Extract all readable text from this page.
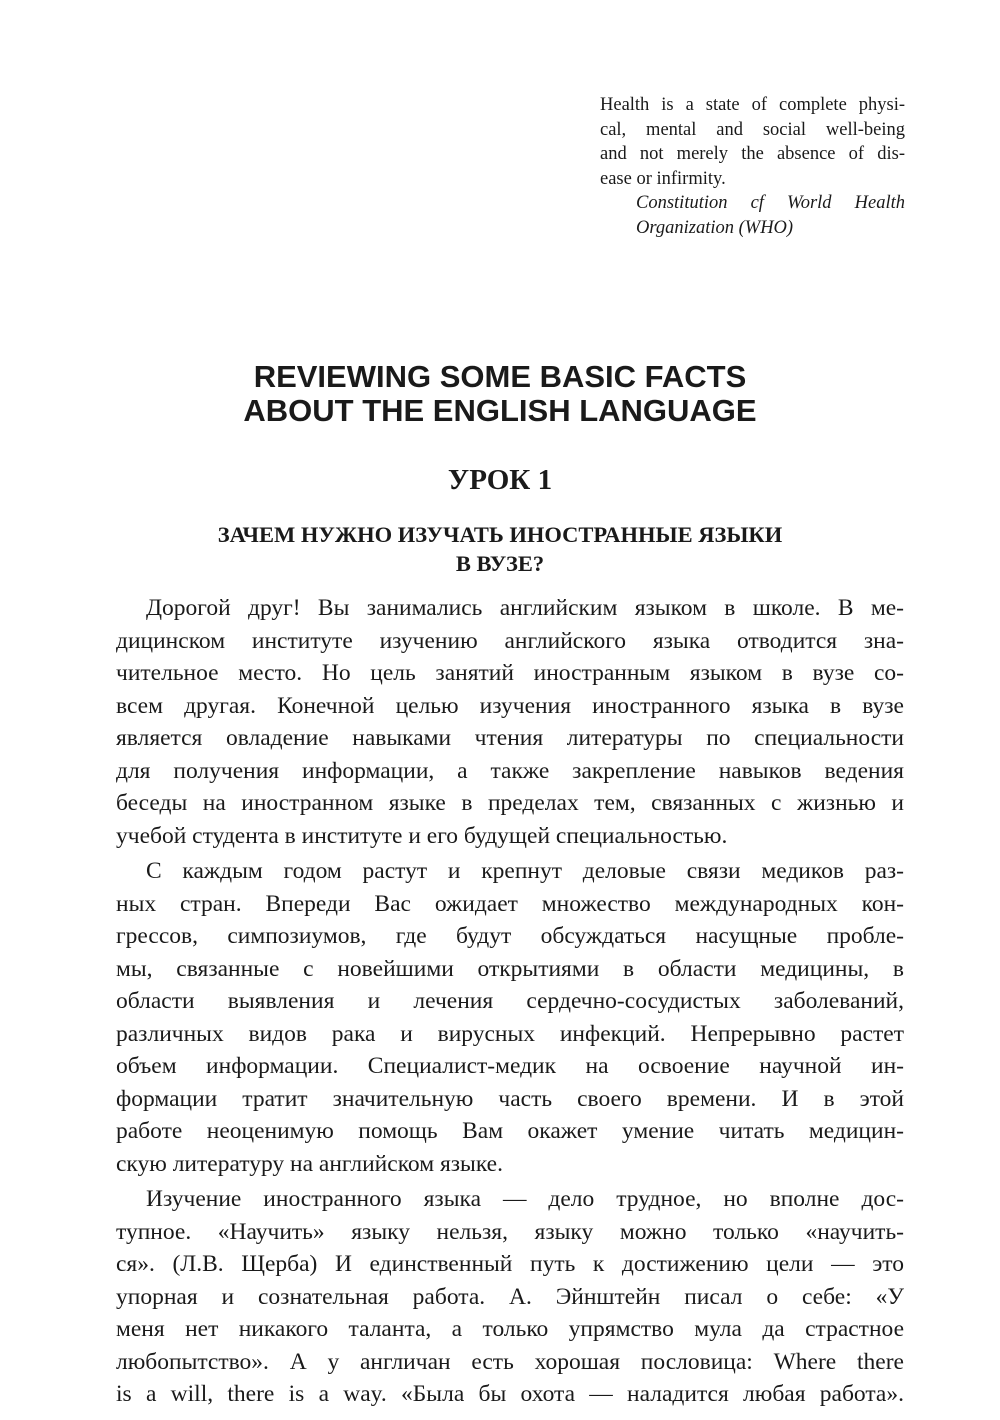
Health is a state of complete physi-
cal, mental and social well-being
and not merely the absence of dis-
ease or infirmity.
Constitution сf World Health
Organization (WHO)
REVIEWING SOME BASIC FACTS
ABOUT THE ENGLISH LANGUAGE
УРОК 1
ЗАЧЕМ НУЖНО ИЗУЧАТЬ ИНОСТРАННЫЕ ЯЗЫКИ
В ВУЗЕ?

Дорогой друг! Вы занимались английским языком в школе. В ме-
дицинском институте изучению английского языка отводится зна-
чительное место. Но цель занятий иностранным языком в вузе со-
всем другая. Конечной целью изучения иностранного языка в вузе
является овладение навыками чтения литературы по специальности
для получения информации, а также закрепление навыков ведения
беседы на иностранном языке в пределах тем, связанных с жизнью и
учебой студента в институте и его будущей специальностью.

С каждым годом растут и крепнут деловые связи медиков раз-
ных стран. Впереди Вас ожидает множество международных кон-
грессов, симпозиумов, где будут обсуждаться насущные пробле-
мы, связанные с новейшими открытиями в области медицины, в
области выявления и лечения сердечно-сосудистых заболеваний,
различных видов рака и вирусных инфекций. Непрерывно растет
объем информации. Специалист-медик на освоение научной ин-
формации тратит значительную часть своего времени. И в этой
работе неоценимую помощь Вам окажет умение читать медицин-
скую литературу на английском языке.

Изучение иностранного языка — дело трудное, но вполне дос-
тупное. «Научить» языку нельзя, языку можно только «научить-
ся». (Л.В. Щерба) И единственный путь к достижению цели — это
упорная и сознательная работа. А. Эйнштейн писал о себе: «У
меня нет никакого таланта, а только упрямство мула да страстное
любопытство». А у англичан есть хорошая пословица: Where there
is a will, there is a way. «Была бы охота — наладится любая работа».
